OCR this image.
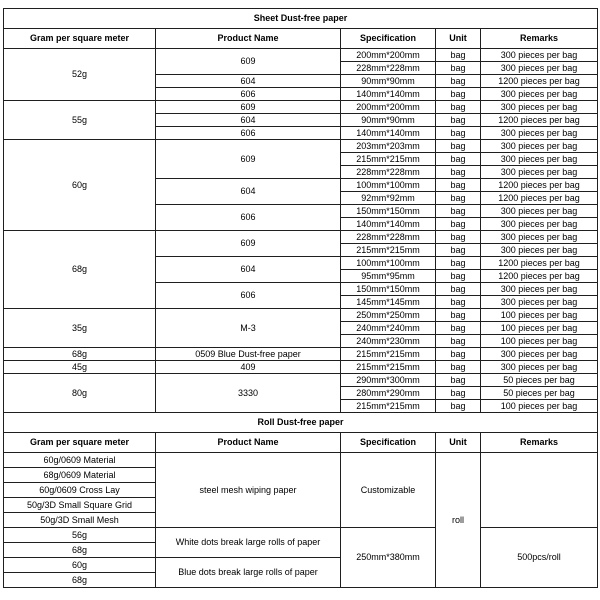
Sheet Dust-free paper				
Gram per square meter	Product Name	Specification	Unit	Remarks
52g	609	200mm*200mm	bag	300 pieces per bag
		228mm*228mm	bag	300 pieces per bag
	604	90mm*90mm	bag	1200 pieces per bag
	606	140mm*140mm	bag	300 pieces per bag
55g	609	200mm*200mm	bag	300 pieces per bag
	604	90mm*90mm	bag	1200 pieces per bag
	606	140mm*140mm	bag	300 pieces per bag
60g	609	203mm*203mm	bag	300 pieces per bag
		215mm*215mm	bag	300 pieces per bag
		228mm*228mm	bag	300 pieces per bag
	604	100mm*100mm	bag	1200 pieces per bag
		92mm*92mm	bag	1200 pieces per bag
	606	150mm*150mm	bag	300 pieces per bag
		140mm*140mm	bag	300 pieces per bag
68g	609	228mm*228mm	bag	300 pieces per bag
		215mm*215mm	bag	300 pieces per bag
	604	100mm*100mm	bag	1200 pieces per bag
		95mm*95mm	bag	1200 pieces per bag
	606	150mm*150mm	bag	300 pieces per bag
		145mm*145mm	bag	300 pieces per bag
35g	M-3	250mm*250mm	bag	100 pieces per bag
		240mm*240mm	bag	100 pieces per bag
		240mm*230mm	bag	100 pieces per bag
68g	0509 Blue Dust-free paper	215mm*215mm	bag	300 pieces per bag
45g	409	215mm*215mm	bag	300 pieces per bag
80g	3330	290mm*300mm	bag	50 pieces per bag
		280mm*290mm	bag	50 pieces per bag
		215mm*215mm	bag	100 pieces per bag
Roll Dust-free paper				
Gram per square meter	Product Name	Specification	Unit	Remarks
60g/0609 Material	steel mesh wiping paper	Customizable	roll	
68g/0609 Material				
60g/0609 Cross Lay				
50g/3D Small Square Grid				
50g/3D Small Mesh				
56g	White dots break large rolls of paper	250mm*380mm		500pcs/roll
68g				
60g	Blue dots break large rolls of paper			
68g				
